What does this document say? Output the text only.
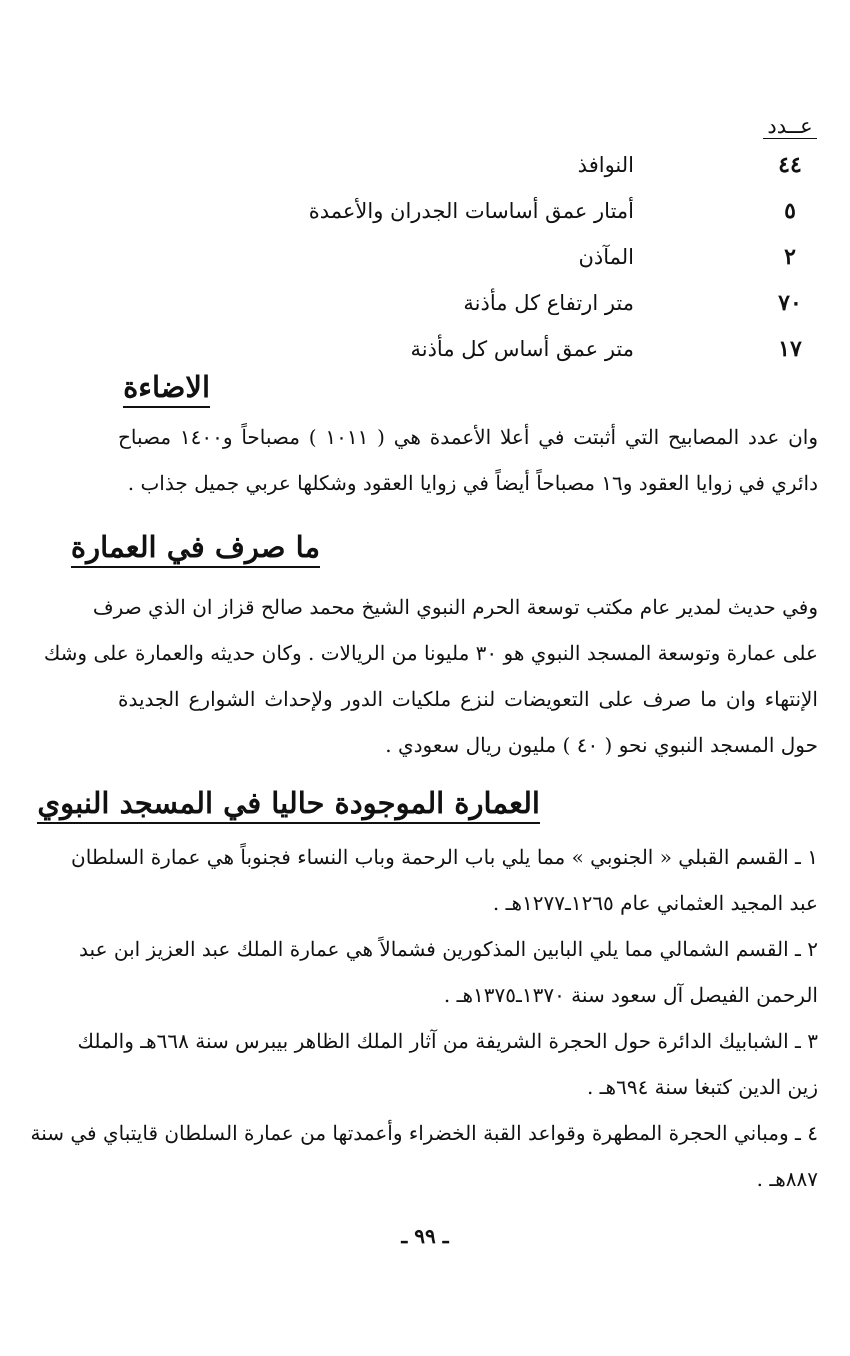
عــدد
٤٤
النوافذ
٥
أمتار عمق أساسات الجدران والأعمدة
٢
المآذن
٧٠
متر ارتفاع كل مأذنة
١٧
متر عمق أساس كل مأذنة
الاضاءة
وان عدد المصابيح التي أثبتت في أعلا الأعمدة هي ( ١٠١١ ) مصباحاً و١٤٠٠ مصباح
دائري في زوايا العقود و١٦ مصباحاً أيضاً في زوايا العقود وشكلها عربي جميل جذاب .
ما صرف في العمارة
وفي حديث لمدير عام مكتب توسعة الحرم النبوي الشيخ محمد صالح قزاز ان الذي صرف
على عمارة وتوسعة المسجد النبوي هو ٣٠ مليونا من الريالات . وكان حديثه والعمارة على وشك
الإنتهاء وان ما صرف على التعويضات لنزع ملكيات الدور ولإحداث الشوارع الجديدة
حول المسجد النبوي نحو ( ٤٠ ) مليون ريال سعودي .
العمارة الموجودة حاليا في المسجد النبوي
١ ـ القسم القبلي « الجنوبي » مما يلي باب الرحمة وباب النساء فجنوباً هي عمارة السلطان
عبد المجيد العثماني عام ١٢٦٥ـ١٢٧٧هـ .
٢ ـ القسم الشمالي مما يلي البابين المذكورين فشمالاً هي عمارة الملك عبد العزيز ابن عبد
الرحمن الفيصل آل سعود سنة ١٣٧٠ـ١٣٧٥هـ .
٣ ـ الشبابيك الدائرة حول الحجرة الشريفة من آثار الملك الظاهر بيبرس سنة ٦٦٨هـ والملك
زين الدين كتبغا سنة ٦٩٤هـ .
٤ ـ ومباني الحجرة المطهرة وقواعد القبة الخضراء وأعمدتها من عمارة السلطان قايتباي في سنة
٨٨٧هـ .
ـ ٩٩ ـ
